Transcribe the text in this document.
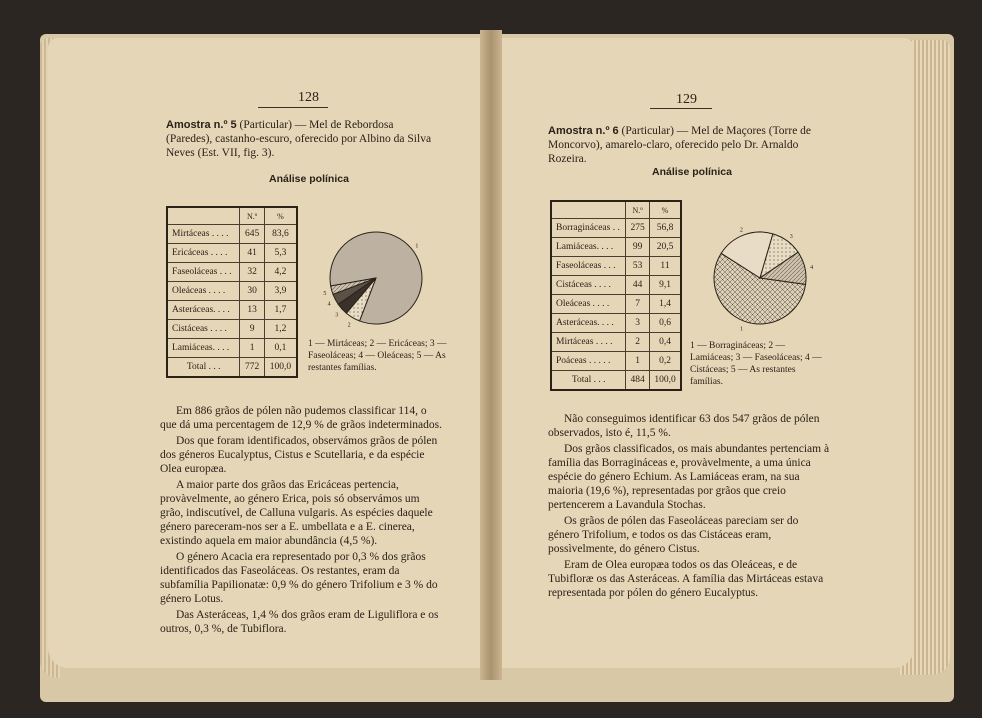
128
Amostra n.º 5 (Particular) — Mel de Rebordosa (Paredes), castanho-escuro, oferecido por Albino da Silva Neves (Est. VII, fig. 3).
Análise polínica
	N.º	%
Mirtáceas . . . .	645	83,6
Ericáceas . . . .	41	5,3
Faseoláceas . . .	32	4,2
Oleáceas . . . .	30	3,9
Asteráceas. . . .	13	1,7
Cistáceas . . . .	9	1,2
Lamiáceas. . . .	1	0,1
Total . . .	772	100,0
1
2
3
4
5
1 — Mirtáceas; 2 — Ericáceas; 3 — Faseoláceas; 4 — Oleáceas; 5 — As restantes famílias.

Em 886 grãos de pólen não pudemos classificar 114, o que dá uma percentagem de 12,9 % de grãos indeterminados.

Dos que foram identificados, observámos grãos de pólen dos géneros Eucalyptus, Cistus e Scutellaria, e da espécie Olea europæa.

A maior parte dos grãos das Ericáceas pertencia, provàvelmente, ao género Erica, pois só observámos um grão, indiscutível, de Calluna vulgaris. As espécies daquele género pareceram-nos ser a E. umbellata e a E. cinerea, existindo aquela em maior abundância (4,5 %).

O género Acacia era representado por 0,3 % dos grãos identificados das Faseoláceas. Os restantes, eram da subfamília Papilionatæ: 0,9 % do género Trifolium e 3 % do género Lotus.

Das Asteráceas, 1,4 % dos grãos eram de Liguliflora e os outros, 0,3 %, de Tubiflora.

129
Amostra n.º 6 (Particular) — Mel de Maçores (Torre de Moncorvo), amarelo-claro, oferecido pelo Dr. Arnaldo Rozeira.
Análise polínica
	N.º	%
Borragináceas . .	275	56,8
Lamiáceas. . . .	99	20,5
Faseoláceas . . .	53	11
Cistáceas . . . .	44	9,1
Oleáceas . . . .	7	1,4
Asteráceas. . . .	3	0,6
Mirtáceas . . . .	2	0,4
Poáceas . . . . .	1	0,2
Total . . .	484	100,0
1
2
3
4
1 — Borragináceas; 2 — Lamiáceas; 3 — Faseoláceas; 4 — Cistáceas; 5 — As restantes famílias.

Não conseguimos identificar 63 dos 547 grãos de pólen observados, isto é, 11,5 %.

Dos grãos classificados, os mais abundantes pertenciam à família das Borragináceas e, provàvelmente, a uma única espécie do género Echium. As Lamiáceas eram, na sua maioria (19,6 %), representadas por grãos que creio pertencerem a Lavandula Stochas.

Os grãos de pólen das Faseoláceas pareciam ser do género Trifolium, e todos os das Cistáceas eram, possìvelmente, do género Cistus.

Eram de Olea europæa todos os das Oleáceas, e de Tubifloræ os das Asteráceas. A família das Mirtáceas estava representada por pólen do género Eucalyptus.
